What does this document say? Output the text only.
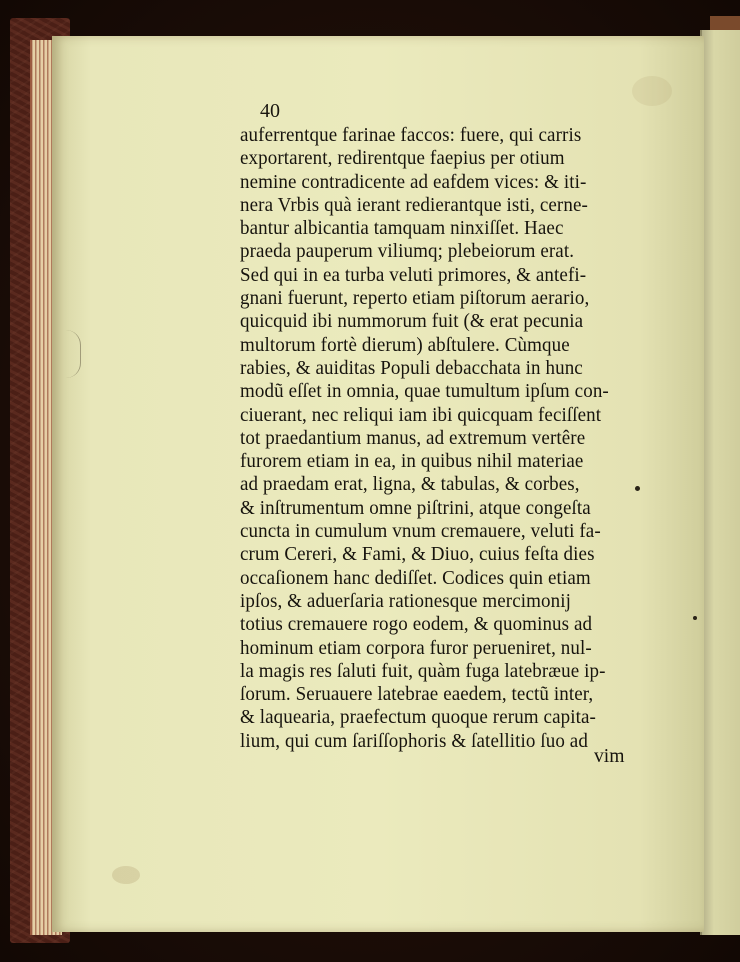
40
auferrentque farinae faccos: fuere, qui carris
exportarent, redirentque faepius per otium
nemine contradicente ad eafdem vices: & iti-
nera Vrbis quà ierant redierantque isti, cerne-
bantur albicantia tamquam ninxiſſet. Haec
praeda pauperum viliumq; plebeiorum erat.
Sed qui in ea turba veluti primores, & antefi-
gnani fuerunt, reperto etiam piſtorum aerario,
quicquid ibi nummorum fuit (& erat pecunia
multorum fortè dierum) abſtulere. Cùmque
rabies, & auiditas Populi debacchata in hunc
modũ eſſet in omnia, quae tumultum ipſum con-
ciuerant, nec reliqui iam ibi quicquam feciſſent
tot praedantium manus, ad extremum vertêre
furorem etiam in ea, in quibus nihil materiae
ad praedam erat, ligna, & tabulas, & corbes,
& inſtrumentum omne piſtrini, atque congeſta
cuncta in cumulum vnum cremauere, veluti fa-
crum Cereri, & Fami, & Diuo, cuius feſta dies
occaſionem hanc dediſſet. Codices quin etiam
ipſos, & aduerſaria rationesque mercimonij
totius cremauere rogo eodem, & quominus ad
hominum etiam corpora furor perueniret, nul-
la magis res ſaluti fuit, quàm fuga latebræue ip-
ſorum. Seruauere latebrae eaedem, tectũ inter,
& laquearia, praefectum quoque rerum capita-
lium, qui cum ſariſſophoris & ſatellitio ſuo ad
vim
